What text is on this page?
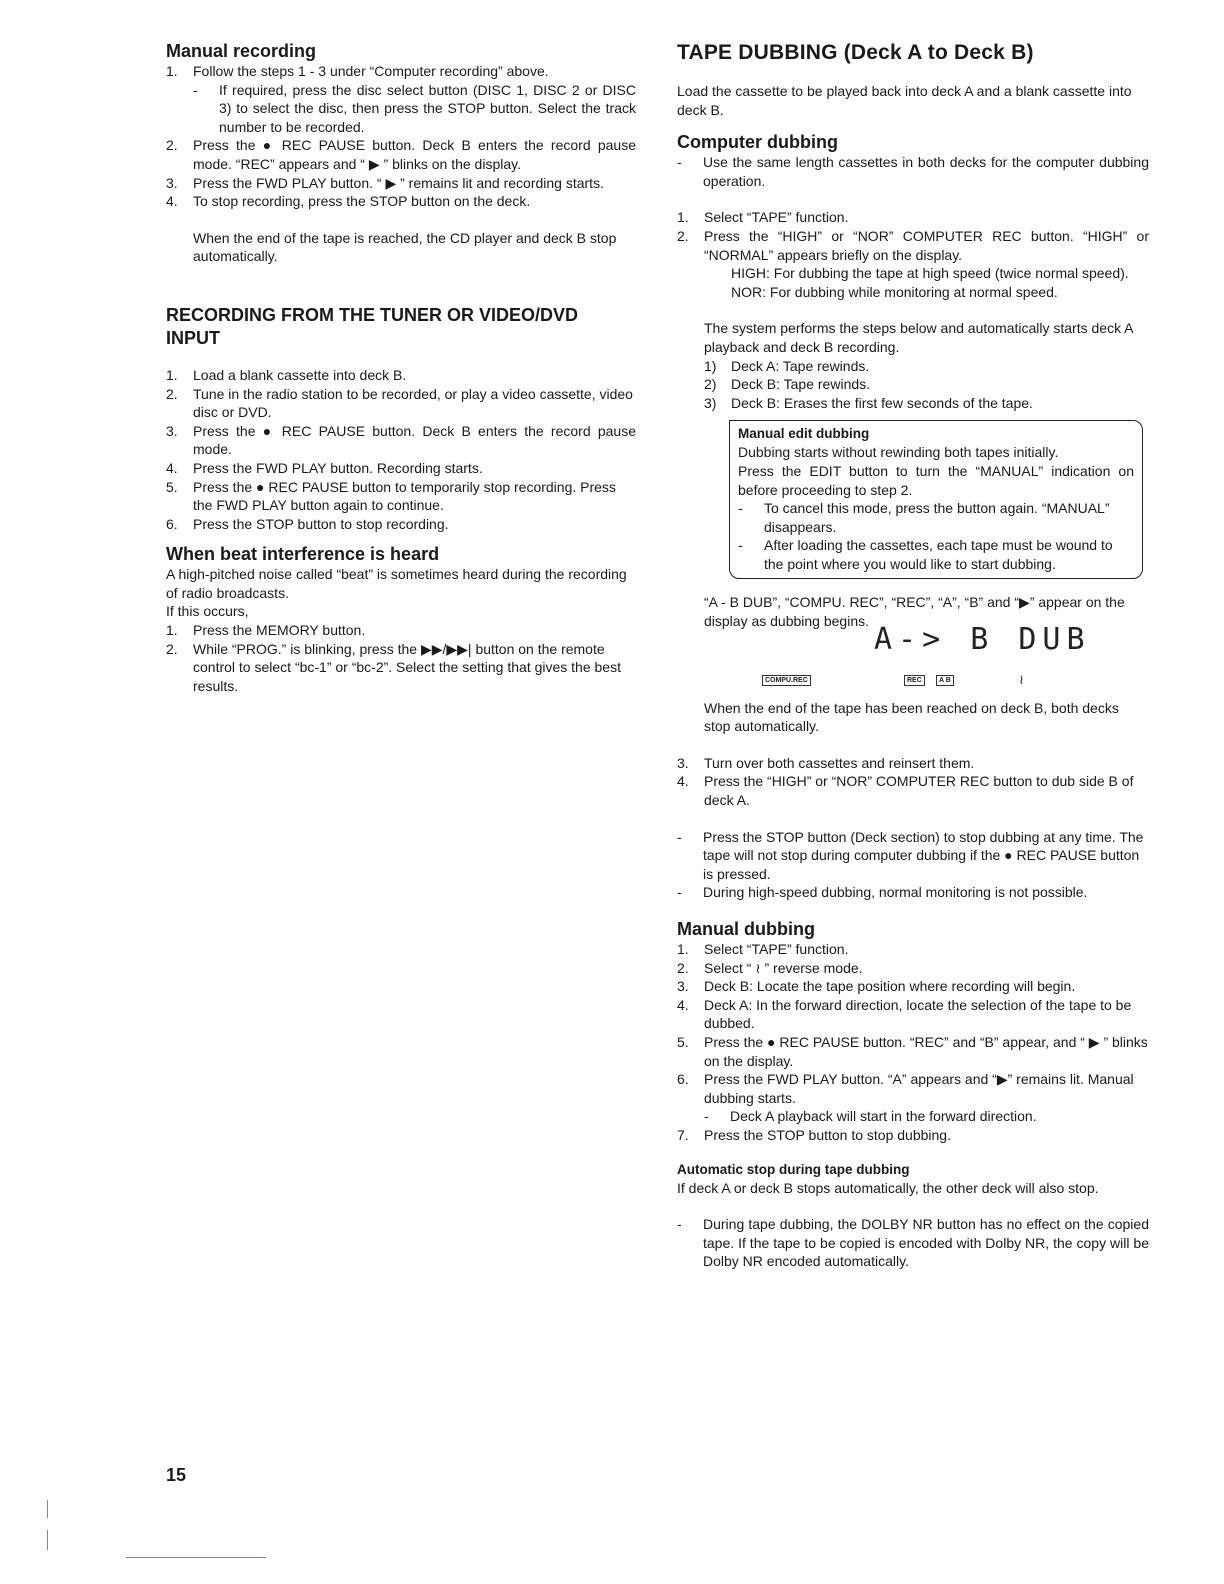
Manual recording
1.	Follow the steps 1 - 3 under “Computer recording” above.
-	If required, press the disc select button (DISC 1, DISC 2 or DISC 3) to select the disc, then press the STOP button. Select the track number to be recorded.
2.	Press the ● REC PAUSE button. Deck B enters the record pause mode. “REC” appears and “ ▶ ” blinks on the display.
3.	Press the FWD PLAY button. “ ▶ ” remains lit and recording starts.
4.	To stop recording, press the STOP button on the deck.

When the end of the tape is reached, the CD player and deck B stop automatically.

RECORDING FROM THE TUNER OR VIDEO/DVD INPUT
1.	Load a blank cassette into deck B.
2.	Tune in the radio station to be recorded, or play a video cassette, video disc or DVD.
3.	Press the ● REC PAUSE button. Deck B enters the record pause mode.
4.	Press the FWD PLAY button. Recording starts.
5.	Press the ● REC PAUSE button to temporarily stop recording. Press the FWD PLAY button again to continue.
6.	Press the STOP button to stop recording.
When beat interference is heard

A high-pitched noise called “beat” is sometimes heard during the recording of radio broadcasts.

If this occurs,

1.	Press the MEMORY button.
2.	While “PROG.” is blinking, press the ▶▶/▶▶| button on the remote control to select “bc-1” or “bc-2”. Select the setting that gives the best results.
TAPE DUBBING (Deck A to Deck B)

Load the cassette to be played back into deck A and a blank cassette into deck B.

Computer dubbing
-	Use the same length cassettes in both decks for the computer dubbing operation.
1.	Select “TAPE” function.
2.	Press the “HIGH” or “NOR” COMPUTER REC button. “HIGH” or “NORMAL” appears briefly on the display.

HIGH: For dubbing the tape at high speed (twice normal speed).

NOR: For dubbing while monitoring at normal speed.

The system performs the steps below and automatically starts deck A playback and deck B recording.

1)	Deck A: Tape rewinds.
2)	Deck B: Tape rewinds.
3)	Deck B: Erases the first few seconds of the tape.
Manual edit dubbing

Dubbing starts without rewinding both tapes initially.

Press the EDIT button to turn the “MANUAL” indication on before proceeding to step 2.

-	To cancel this mode, press the button again. “MANUAL” disappears.
-	After loading the cassettes, each tape must be wound to the point where you would like to start dubbing.

“A - B DUB”, “COMPU. REC”, “REC”, “A”, “B” and “▶” appear on the display as dubbing begins.

A-> B DUB
COMPU.REC	REC	A B	≀

When the end of the tape has been reached on deck B, both decks stop automatically.

3.	Turn over both cassettes and reinsert them.
4.	Press the “HIGH” or “NOR” COMPUTER REC button to dub side B of deck A.
-	Press the STOP button (Deck section) to stop dubbing at any time. The tape will not stop during computer dubbing if the ● REC PAUSE button is pressed.
-	During high-speed dubbing, normal monitoring is not possible.
Manual dubbing
1.	Select “TAPE” function.
2.	Select “ ≀ ” reverse mode.
3.	Deck B: Locate the tape position where recording will begin.
4.	Deck A: In the forward direction, locate the selection of the tape to be dubbed.
5.	Press the ● REC PAUSE button. “REC” and “B” appear, and “ ▶ ” blinks on the display.
6.	Press the FWD PLAY button. “A” appears and “▶” remains lit. Manual dubbing starts.
-	Deck A playback will start in the forward direction.
7.	Press the STOP button to stop dubbing.
Automatic stop during tape dubbing

If deck A or deck B stops automatically, the other deck will also stop.

-	During tape dubbing, the DOLBY NR button has no effect on the copied tape. If the tape to be copied is encoded with Dolby NR, the copy will be Dolby NR encoded automatically.
15
